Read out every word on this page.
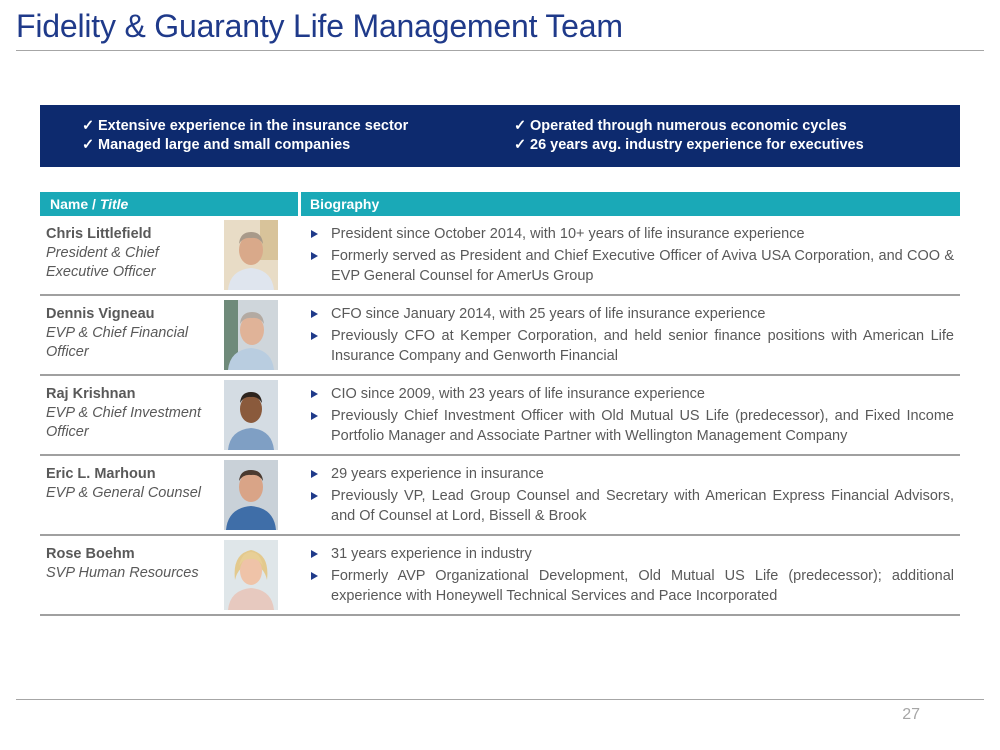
Fidelity & Guaranty Life Management Team
✓ Extensive experience in the insurance sector
✓ Managed large and small companies
✓ Operated through numerous economic cycles
✓ 26 years avg. industry experience for executives
Name / Title	Biography
Chris Littlefield
President & Chief Executive Officer
President since October 2014, with 10+ years of life insurance experience
Formerly served as President and Chief Executive Officer of Aviva USA Corporation, and COO & EVP General Counsel for AmerUs Group
Dennis Vigneau
EVP & Chief Financial Officer
CFO since January 2014, with 25 years of life insurance experience
Previously CFO at Kemper Corporation, and held senior finance positions with American Life Insurance Company and Genworth Financial
Raj Krishnan
EVP & Chief Investment Officer
CIO since 2009, with 23 years of life insurance experience
Previously Chief Investment Officer with Old Mutual US Life (predecessor), and Fixed Income Portfolio Manager and Associate Partner with Wellington Management Company
Eric L. Marhoun
EVP & General Counsel
29 years experience in insurance
Previously VP, Lead Group Counsel and Secretary with American Express Financial Advisors, and Of Counsel at Lord, Bissell & Brook
Rose Boehm
SVP Human Resources
31 years experience in industry
Formerly AVP Organizational Development, Old Mutual US Life (predecessor); additional experience with Honeywell Technical Services and Pace Incorporated
27
